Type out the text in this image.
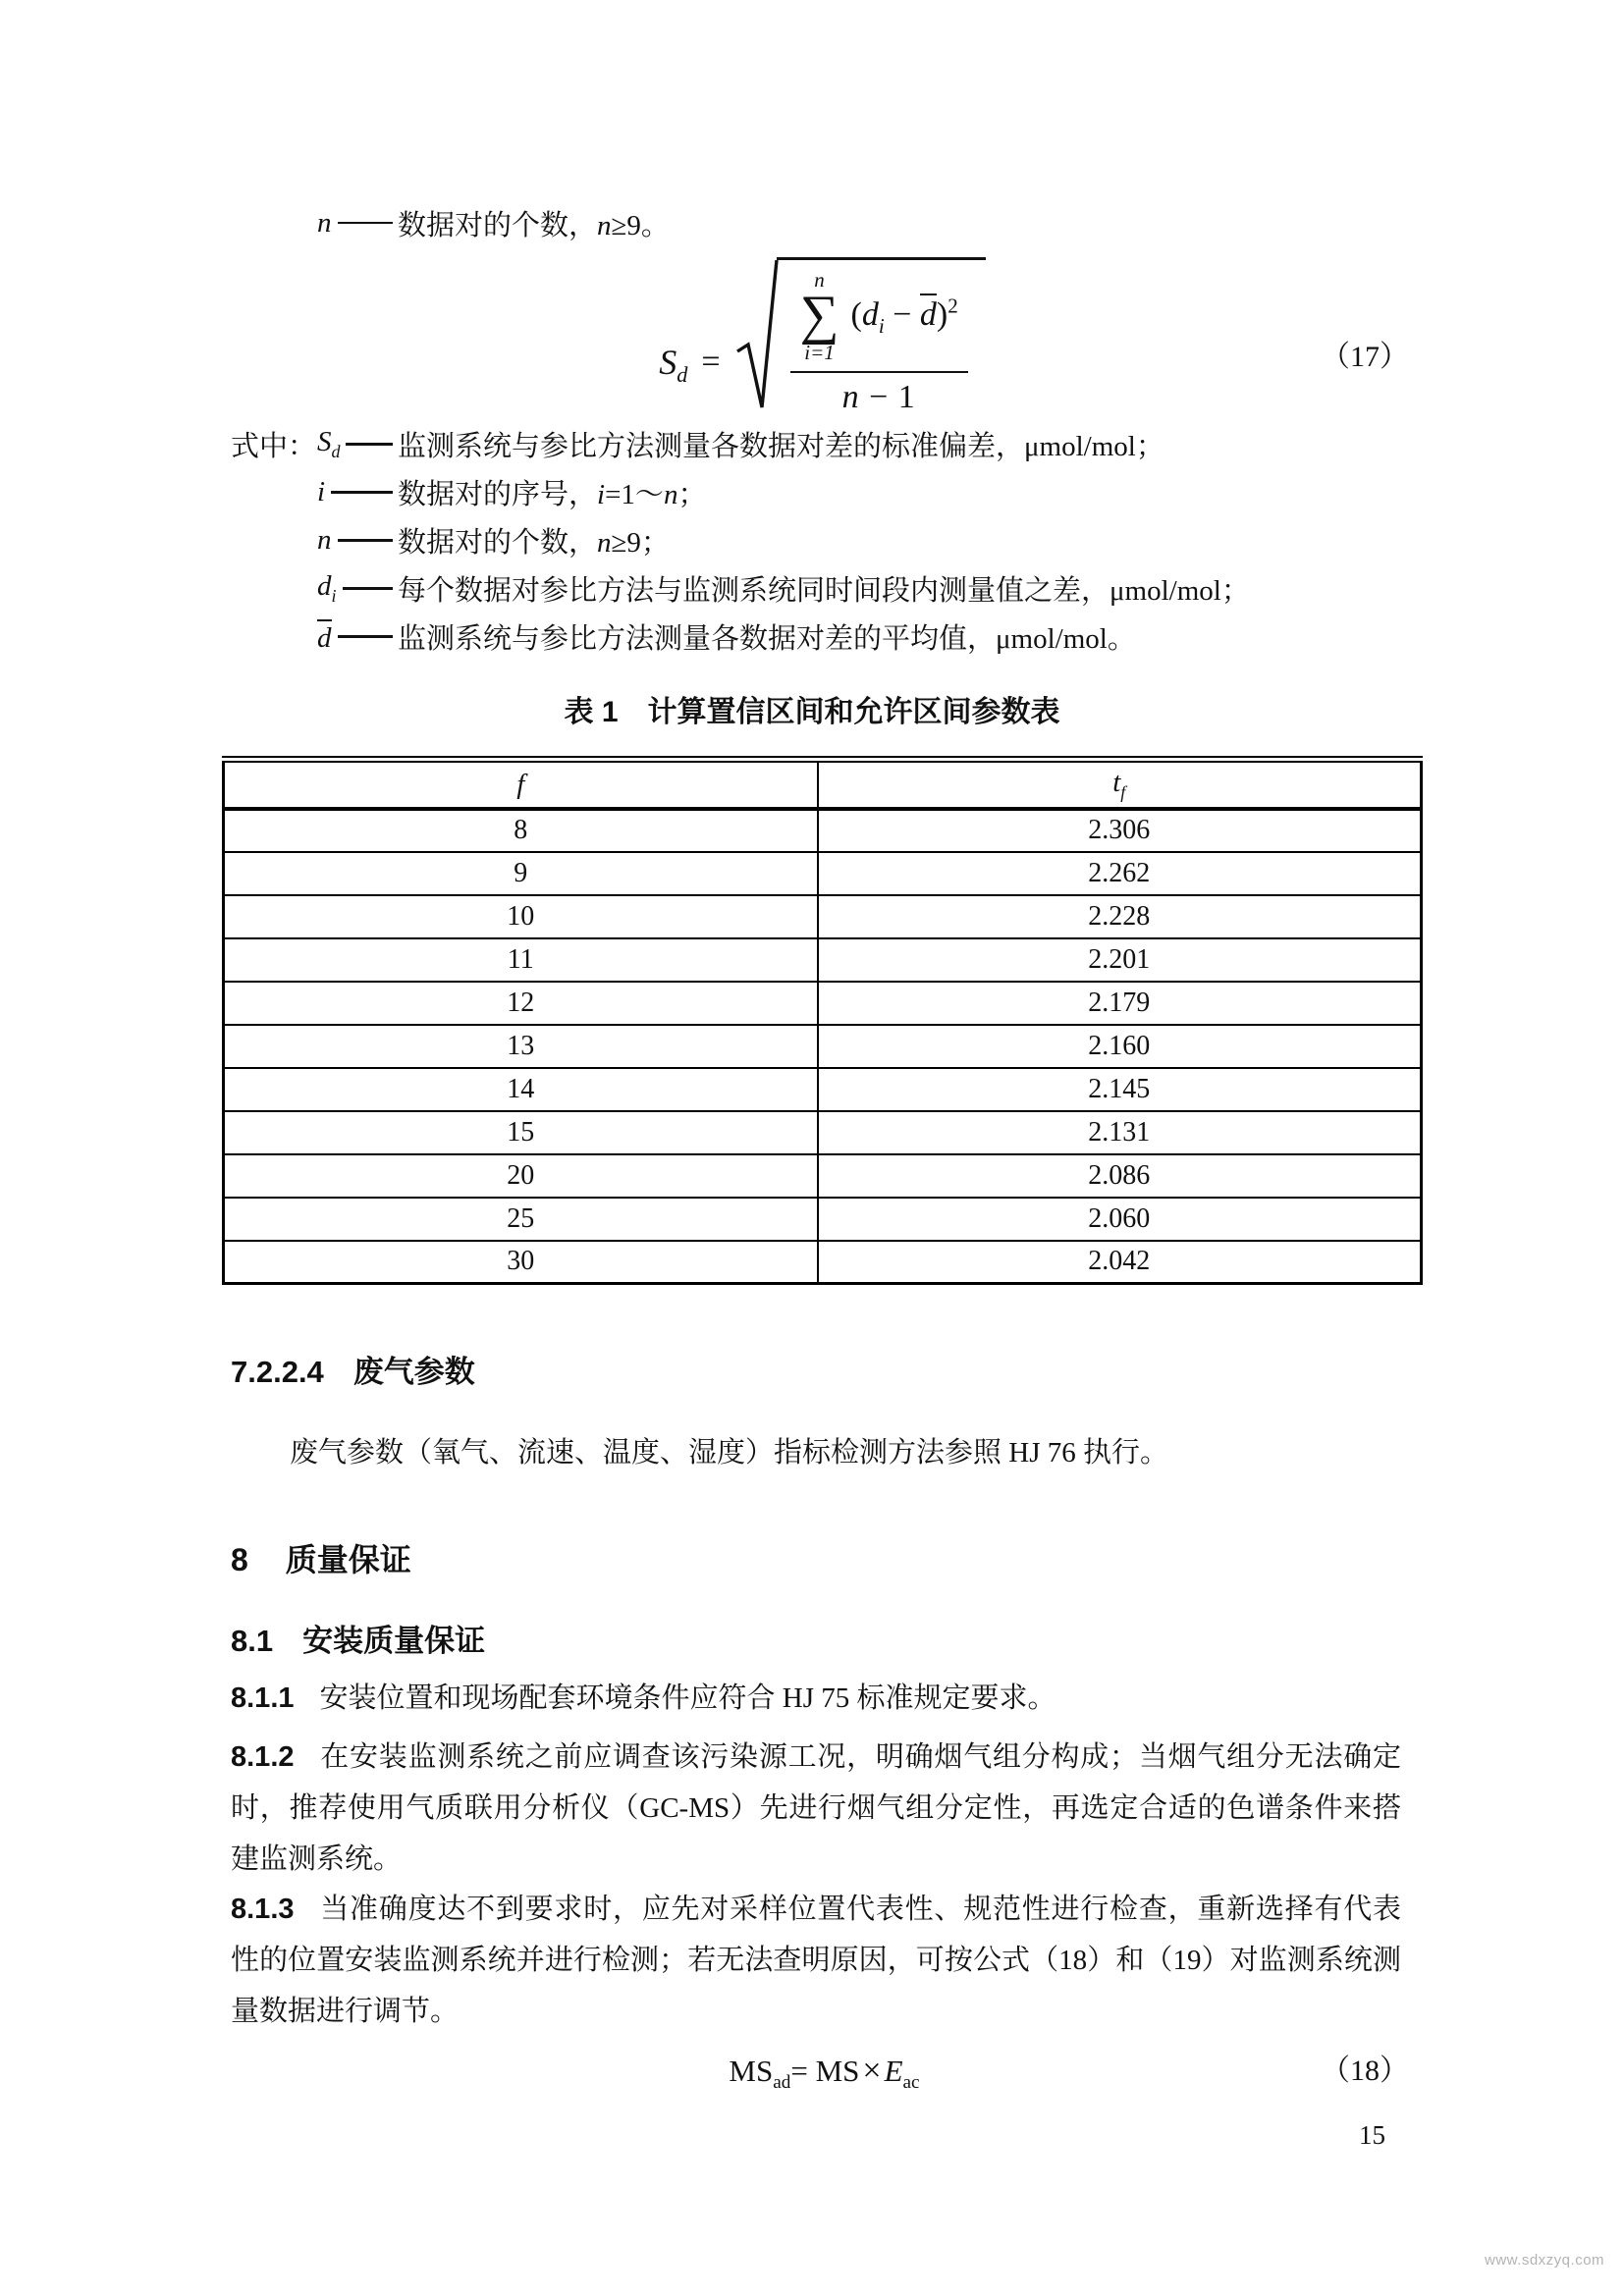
n 数据对的个数，n≥9。
$S_d$ =
n
∑
i=1
$(d_i - d)^2$
n − 1
（17）
式中： $S_d$ 监测系统与参比方法测量各数据对差的标准偏差，μmol/mol；
i	数据对的序号，i=1～n；
n 数据对的个数，n≥9；
$d_i$ 每个数据对参比方法与监测系统同时间段内测量值之差，μmol/mol；
d 监测系统与参比方法测量各数据对差的平均值，μmol/mol。
表 1　计算置信区间和允许区间参数表
f	$t_f$
8	2.306
9	2.262
10	2.228
11	2.201
12	2.179
13	2.160
14	2.145
15	2.131
20	2.086
25	2.060
30	2.042
7.2.2.4 废气参数
废气参数（氧气、流速、温度、湿度）指标检测方法参照 HJ 76 执行。
8 质量保证
8.1 安装质量保证
8.1.1 安装位置和现场配套环境条件应符合 HJ 75 标准规定要求。
8.1.2 在安装监测系统之前应调查该污染源工况，明确烟气组分构成；当烟气组分无法确定时，推荐使用气质联用分析仪（GC-MS）先进行烟气组分定性，再选定合适的色谱条件来搭建监测系统。
8.1.3 当准确度达不到要求时，应先对采样位置代表性、规范性进行检查，重新选择有代表性的位置安装监测系统并进行检测；若无法查明原因，可按公式（18）和（19）对监测系统测量数据进行调节。
$MS_{ad}= MS\times E_{ac}$	（18）
15
www.sdxzyq.com
